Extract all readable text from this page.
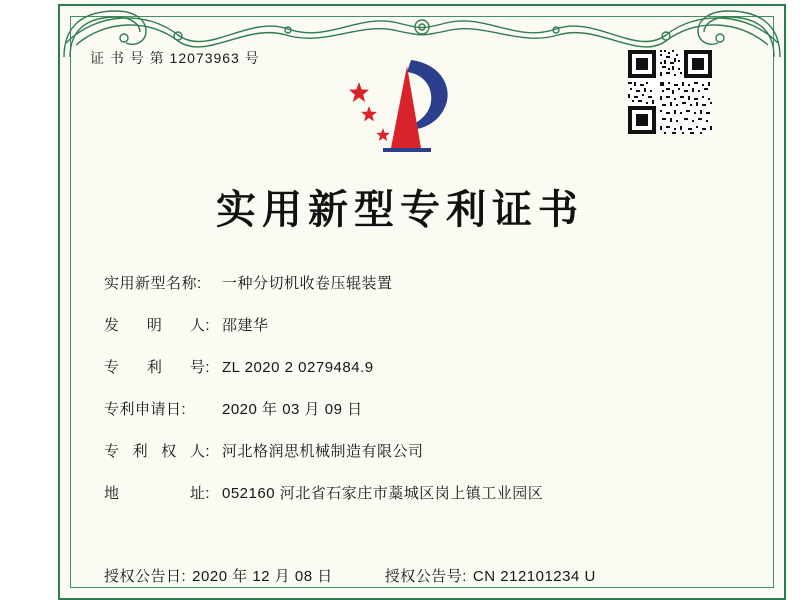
证 书 号 第 12073963 号
实用新型专利证书
实用新型名称:	一种分切机收卷压辊装置
发 明 人: 邵建华
专 利 号: ZL 2020 2 0279484.9
专利申请日:	2020 年 03 月 09 日
专 利 权 人: 河北格润思机械制造有限公司
地	址: 052160 河北省石家庄市藁城区岗上镇工业园区
授权公告日: 2020 年 12 月 08 日	授权公告号: CN 212101234 U
